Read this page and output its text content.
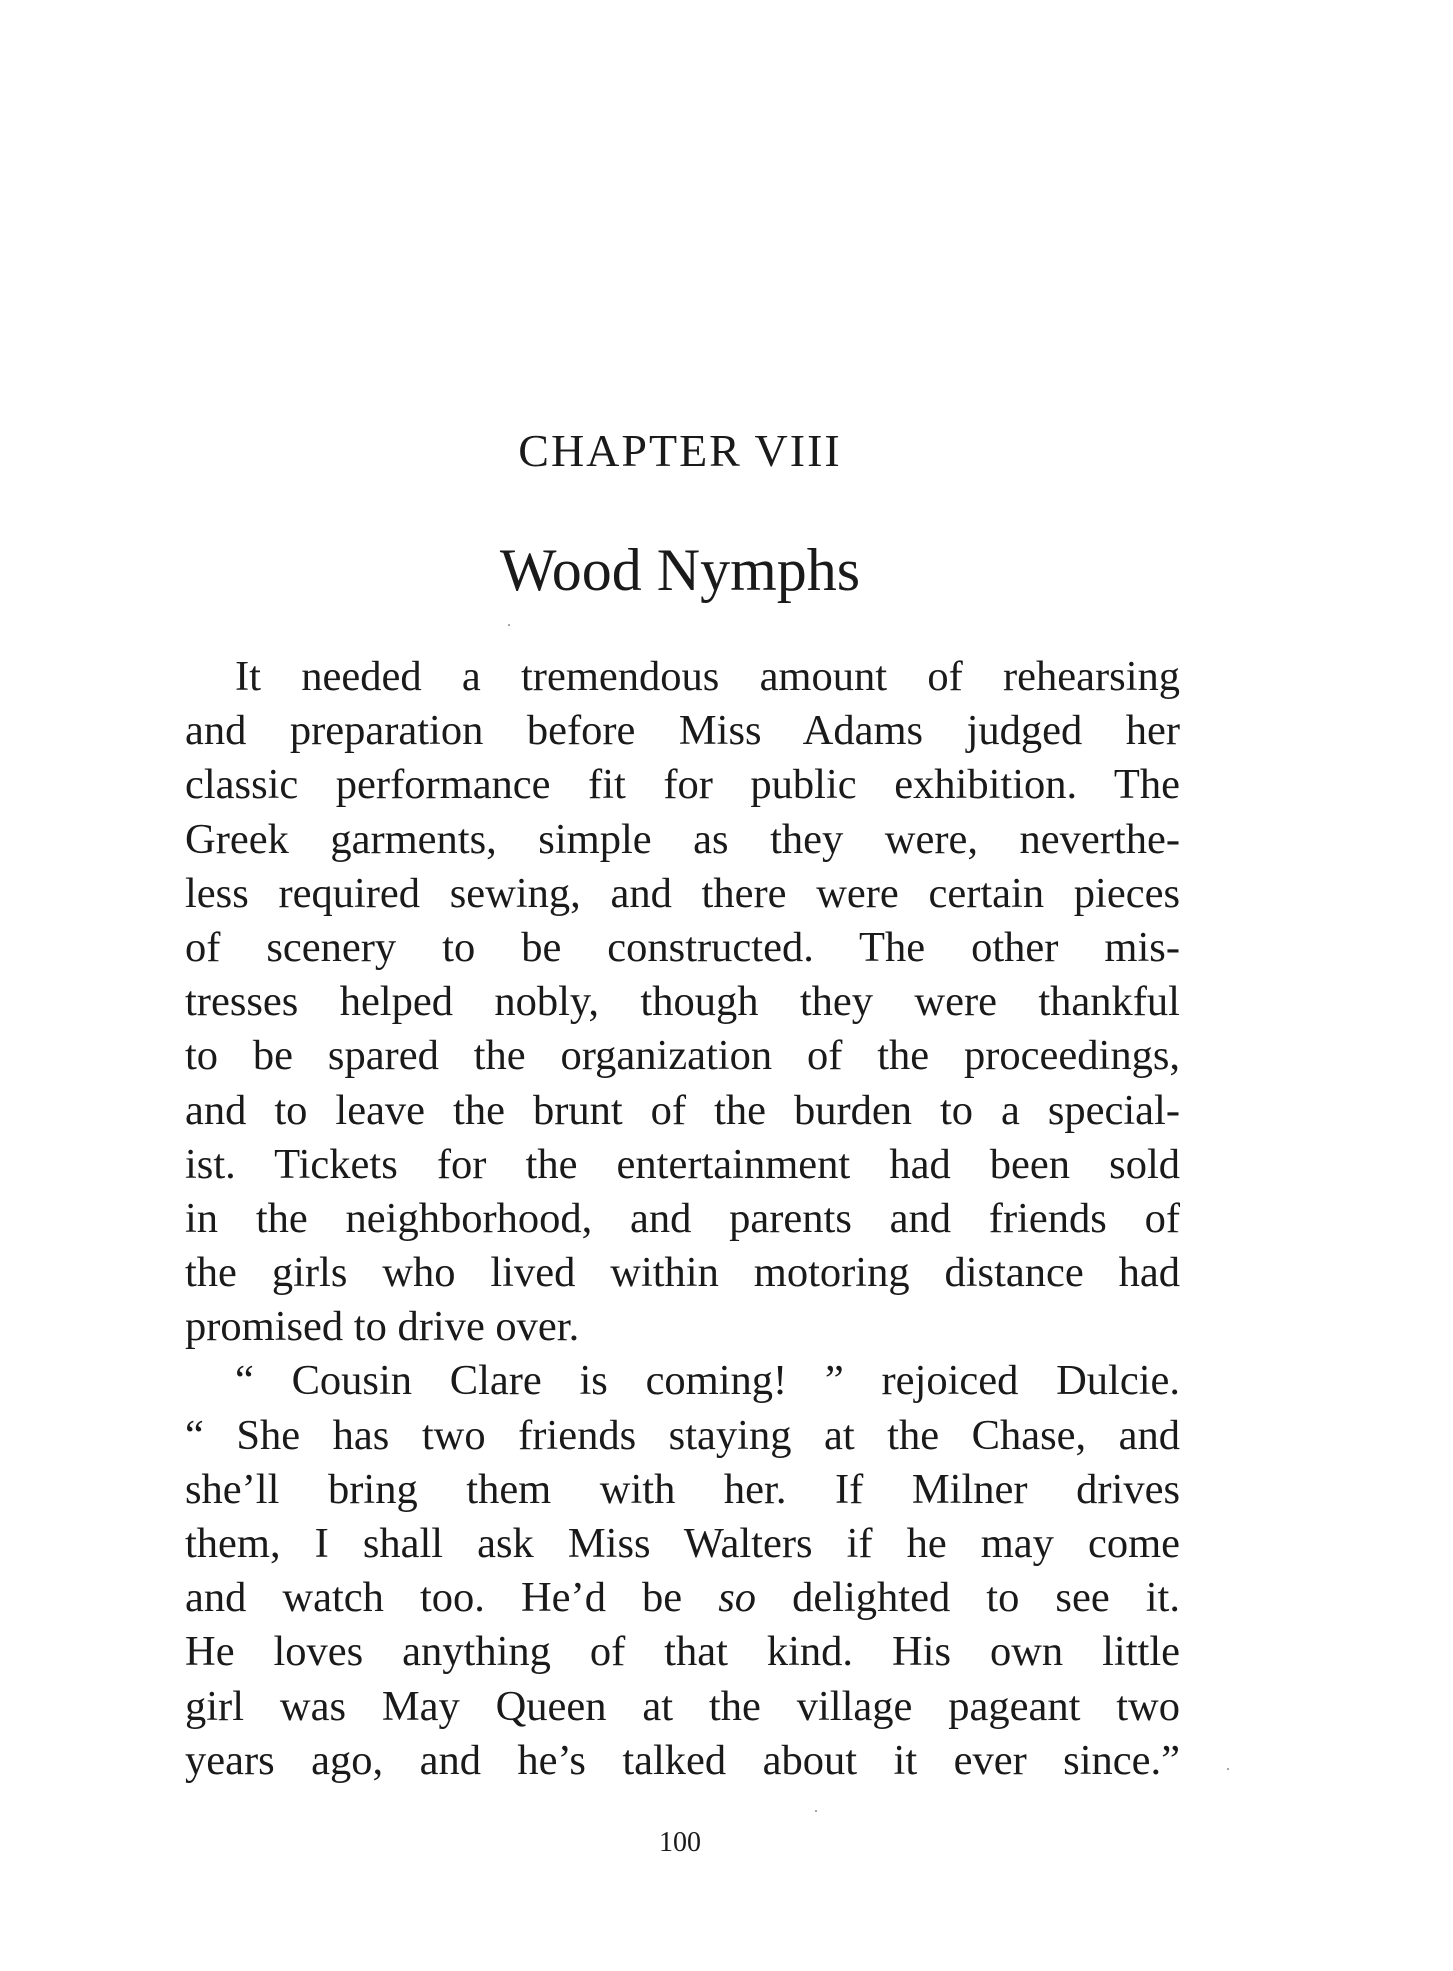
CHAPTER VIII
Wood Nymphs
It needed a tremendous amount of rehearsing
and preparation before Miss Adams judged her
classic performance fit for public exhibition. The
Greek garments, simple as they were, neverthe-
less required sewing, and there were certain pieces
of scenery to be constructed. The other mis-
tresses helped nobly, though they were thankful
to be spared the organization of the proceedings,
and to leave the brunt of the burden to a special-
ist. Tickets for the entertainment had been sold
in the neighborhood, and parents and friends of
the girls who lived within motoring distance had
promised to drive over.
“ Cousin Clare is coming! ” rejoiced Dulcie.
“ She has two friends staying at the Chase, and
she’ll bring them with her. If Milner drives
them, I shall ask Miss Walters if he may come
and watch too. He’d be so delighted to see it.
He loves anything of that kind. His own little
girl was May Queen at the village pageant two
years ago, and he’s talked about it ever since.”
100
